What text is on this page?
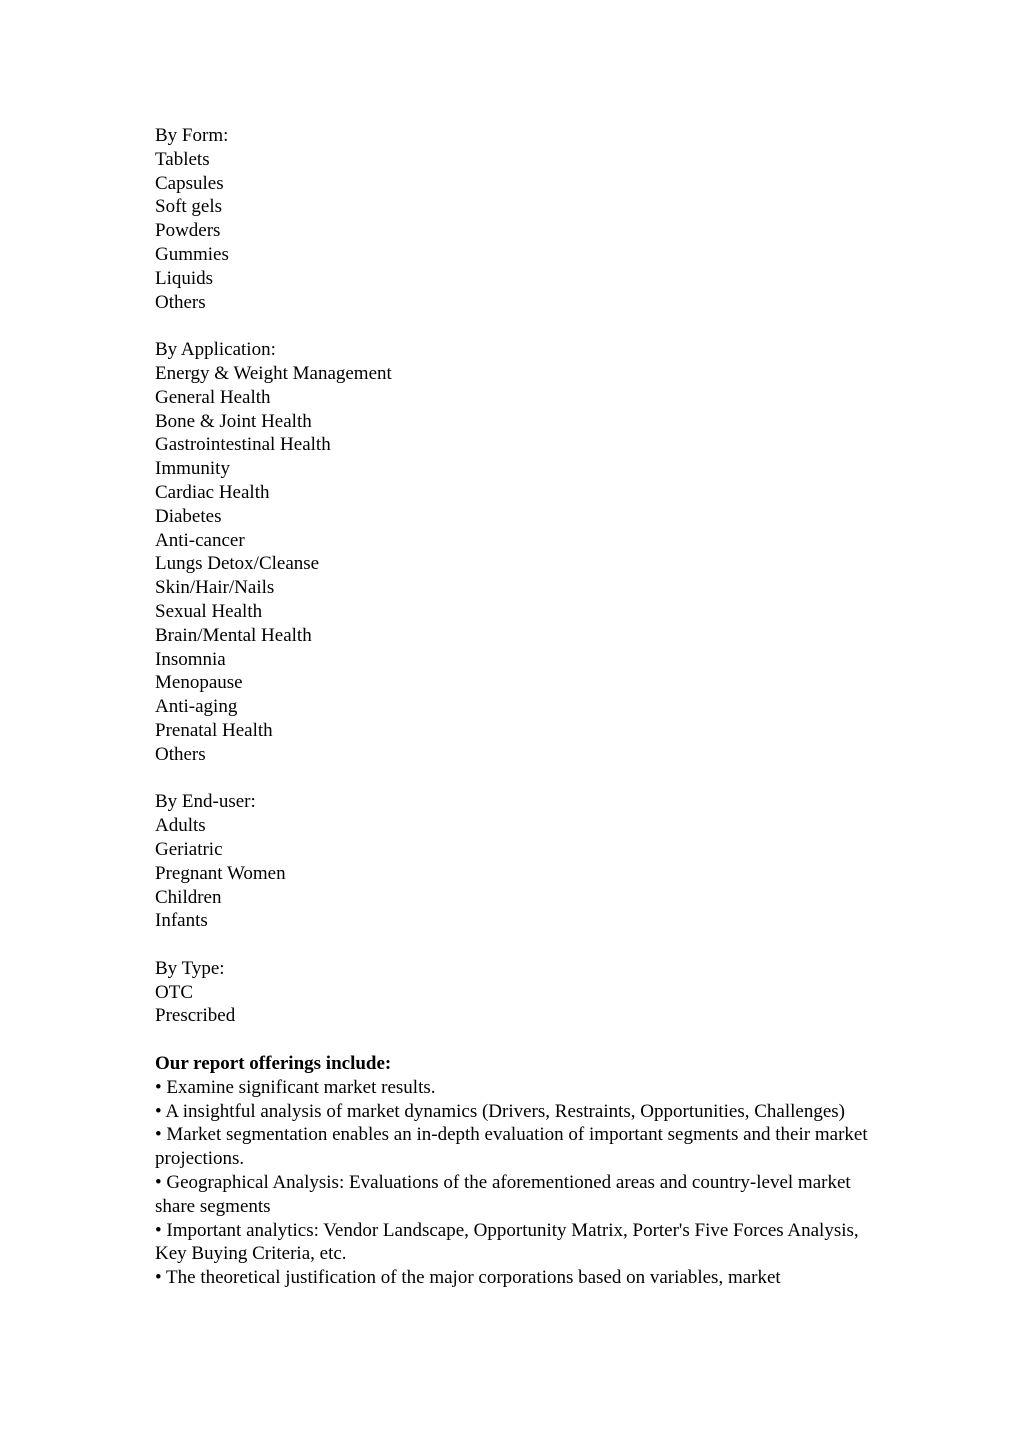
By Form:
Tablets
Capsules
Soft gels
Powders
Gummies
Liquids
Others
By Application:
Energy & Weight Management
General Health
Bone & Joint Health
Gastrointestinal Health
Immunity
Cardiac Health
Diabetes
Anti-cancer
Lungs Detox/Cleanse
Skin/Hair/Nails
Sexual Health
Brain/Mental Health
Insomnia
Menopause
Anti-aging
Prenatal Health
Others
By End-user:
Adults
Geriatric
Pregnant Women
Children
Infants
By Type:
OTC
Prescribed
Our report offerings include:
• Examine significant market results.
• A insightful analysis of market dynamics (Drivers, Restraints, Opportunities, Challenges)
• Market segmentation enables an in-depth evaluation of important segments and their market projections.
• Geographical Analysis: Evaluations of the aforementioned areas and country-level market share segments
• Important analytics: Vendor Landscape, Opportunity Matrix, Porter's Five Forces Analysis, Key Buying Criteria, etc.
• The theoretical justification of the major corporations based on variables, market
